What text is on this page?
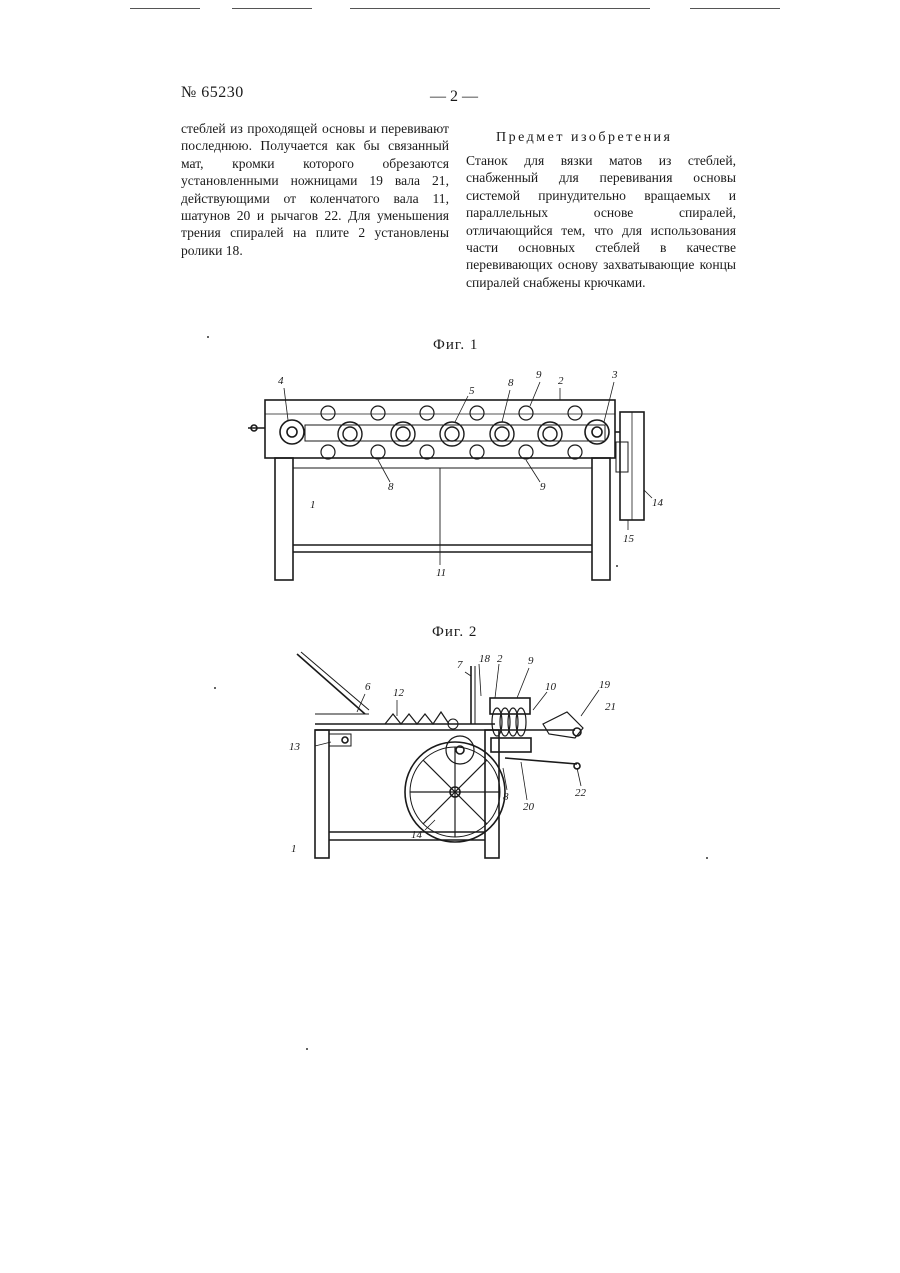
№ 65230	— 2 —

стеблей из проходящей основы и перевивают последнюю. Получается как бы связанный мат, кромки которого обрезаются установленными ножницами 19 вала 21, действующими от коленчатого вала 11, шатунов 20 и рычагов 22. Для уменьшения трения спиралей на плите 2 установлены ролики 18.

Предмет изобретения

Станок для вязки матов из стеблей, снабженный для перевивания основы системой принудительно вращаемых и параллельных основе спиралей, отличающийся тем, что для использования части основных стеблей в качестве перевивающих основу захватывающие концы спиралей снабжены крючками.

Фиг. 1
4
5
8
9 2	3
1
8	9
11
14
15
Фиг. 2
7 18 2 9
10	19
6 12
21
13
14
8
20
22
1
